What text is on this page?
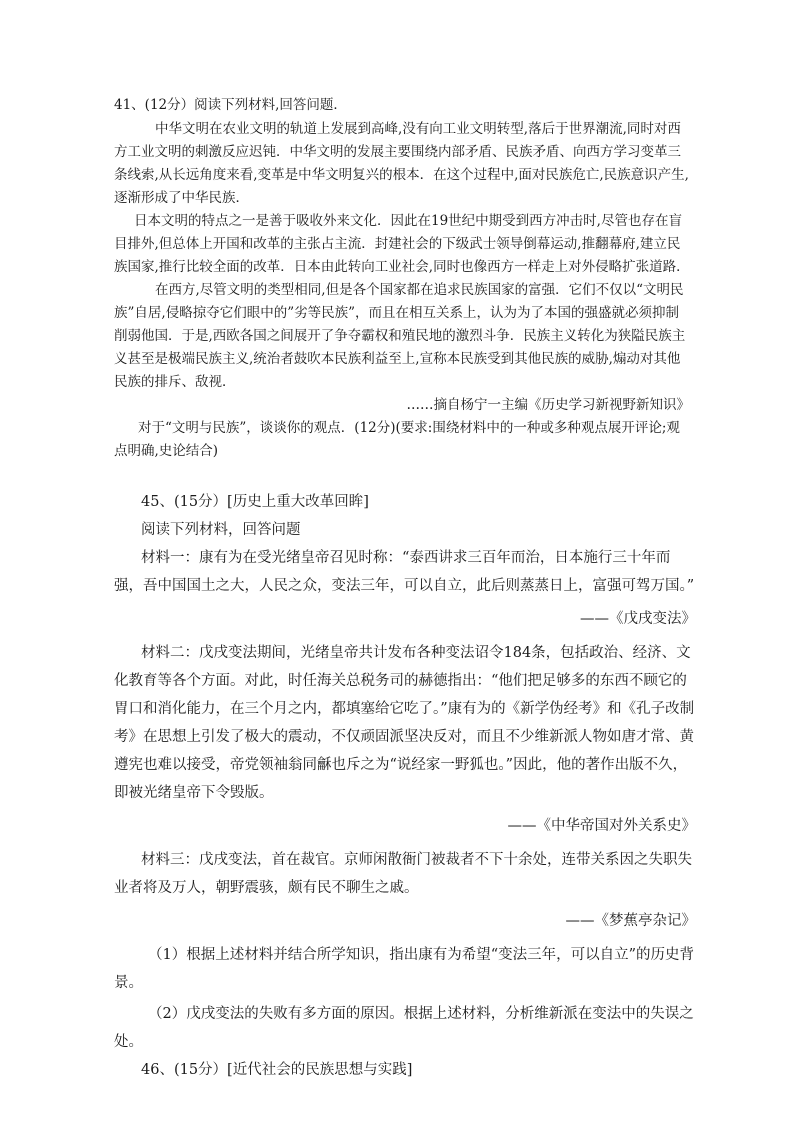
41、(12分）阅读下列材料,回答问题．

中华文明在农业文明的轨道上发展到高峰,没有向工业文明转型,落后于世界潮流,同时对西方工业文明的刺激反应迟钝．中华文明的发展主要围绕内部矛盾、民族矛盾、向西方学习变革三条线索,从长远角度来看,变革是中华文明复兴的根本．在这个过程中,面对民族危亡,民族意识产生,逐渐形成了中华民族．

日本文明的特点之一是善于吸收外来文化．因此在19世纪中期受到西方冲击时,尽管也存在盲目排外,但总体上开国和改革的主张占主流．封建社会的下级武士领导倒幕运动,推翻幕府,建立民族国家,推行比较全面的改革．日本由此转向工业社会,同时也像西方一样走上对外侵略扩张道路．

在西方,尽管文明的类型相同,但是各个国家都在追求民族国家的富强．它们不仅以“文明民族”自居,侵略掠夺它们眼中的”劣等民族”，而且在相互关系上，认为为了本国的强盛就必须抑制削弱他国．于是,西欧各国之间展开了争夺霸权和殖民地的激烈斗争．民族主义转化为狭隘民族主义甚至是极端民族主义,统治者鼓吹本民族利益至上,宣称本民族受到其他民族的威胁,煽动对其他民族的排斥、敌视．

……摘自杨宁一主编《历史学习新视野新知识》

对于“文明与民族”，谈谈你的观点．(12分)(要求:围绕材料中的一种或多种观点展开评论;观点明确,史论结合)

45、(15分）[历史上重大改革回眸]

阅读下列材料，回答问题

材料一：康有为在受光绪皇帝召见时称：“泰西讲求三百年而治，日本施行三十年而强，吾中国国土之大，人民之众，变法三年，可以自立，此后则蒸蒸日上，富强可驾万国。”

——《戊戌变法》

材料二：戊戌变法期间，光绪皇帝共计发布各种变法诏令184条，包括政治、经济、文化教育等各个方面。对此，时任海关总税务司的赫德指出：“他们把足够多的东西不顾它的胃口和消化能力，在三个月之内，都填塞给它吃了。”康有为的《新学伪经考》和《孔子改制考》在思想上引发了极大的震动，不仅顽固派坚决反对，而且不少维新派人物如唐才常、黄遵宪也难以接受，帝党领袖翁同龢也斥之为“说经家一野狐也。”因此，他的著作出版不久，即被光绪皇帝下令毁版。

——《中华帝国对外关系史》

材料三：戊戌变法，首在裁官。京师闲散衙门被裁者不下十余处，连带关系因之失职失业者将及万人，朝野震骇，颇有民不聊生之戚。

——《梦蕉亭杂记》

（1）根据上述材料并结合所学知识，指出康有为希望“变法三年，可以自立”的历史背景。

（2）戊戌变法的失败有多方面的原因。根据上述材料，分析维新派在变法中的失误之处。

46、(15分）[近代社会的民族思想与实践]
